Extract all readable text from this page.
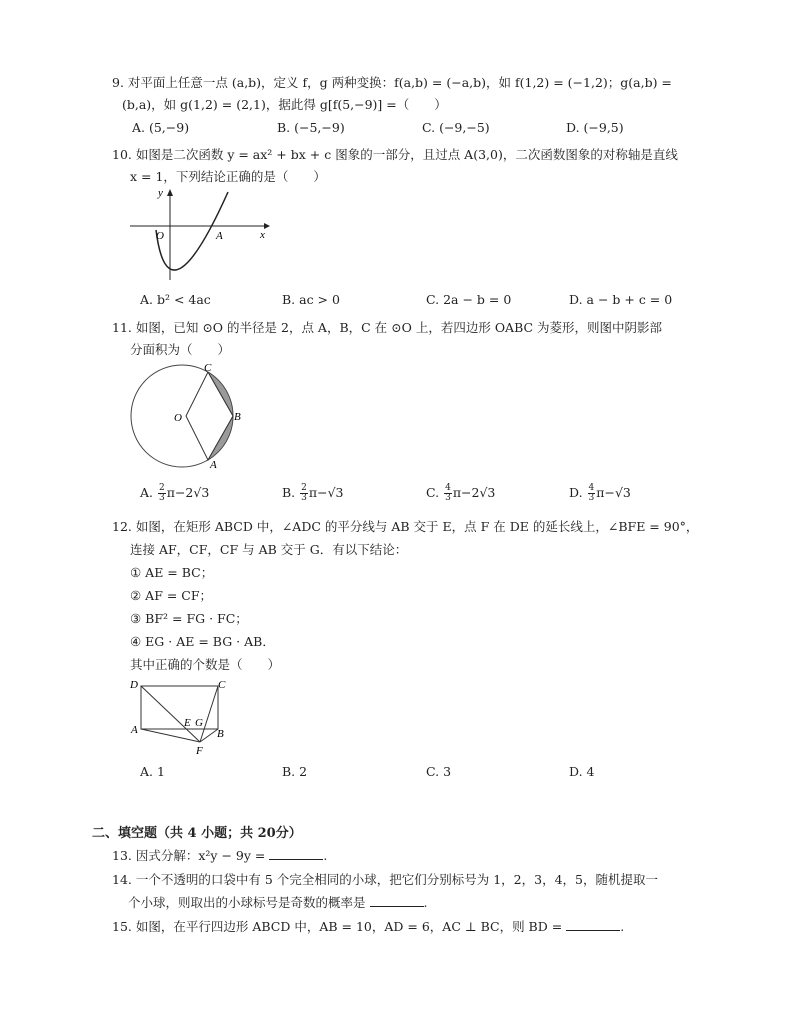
9. 对平面上任意一点 (a,b)，定义 f，g 两种变换：f(a,b) = (−a,b)，如 f(1,2) = (−1,2)；g(a,b) =
(b,a)，如 g(1,2) = (2,1)，据此得 g[f(5,−9)] =（　　）
A. (5,−9)	B. (−5,−9)	C. (−9,−5)	D. (−9,5)
10. 如图是二次函数 y = ax² + bx + c 图象的一部分，且过点 A(3,0)，二次函数图象的对称轴是直线
x = 1，下列结论正确的是（　　）
y
x
O	A
A. b² < 4ac	B. ac > 0	C. 2a − b = 0	D. a − b + c = 0
11. 如图，已知 ⊙O 的半径是 2，点 A，B，C 在 ⊙O 上，若四边形 OABC 为菱形，则图中阴影部
分面积为（　　）
C
O	B
A
A. $\frac{2}{3} \pi-2√3$	B. $\frac{2}{3} \pi-√3$	C. $\frac{4}{3} \pi-2√3$	D. $\frac{4}{3} \pi-√3$
12. 如图，在矩形 ABCD 中，∠ADC 的平分线与 AB 交于 E，点 F 在 DE 的延长线上，∠BFE = 90°，
连接 AF，CF，CF 与 AB 交于 G．有以下结论：
① AE = BC；
② AF = CF；
③ BF² = FG · FC；
④ EG · AE = BG · AB．
其中正确的个数是（　　）
D	C
A	B
E G
F
A. 1	B. 2	C. 3	D. 4
二、填空题（共 4 小题；共 20分）
13. 因式分解：x²y − 9y =	.
14. 一个不透明的口袋中有 5 个完全相同的小球，把它们分别标号为 1，2，3，4，5，随机提取一
个小球，则取出的小球标号是奇数的概率是	.
15. 如图，在平行四边形 ABCD 中，AB = 10，AD = 6，AC ⊥ BC，则 BD =	.
